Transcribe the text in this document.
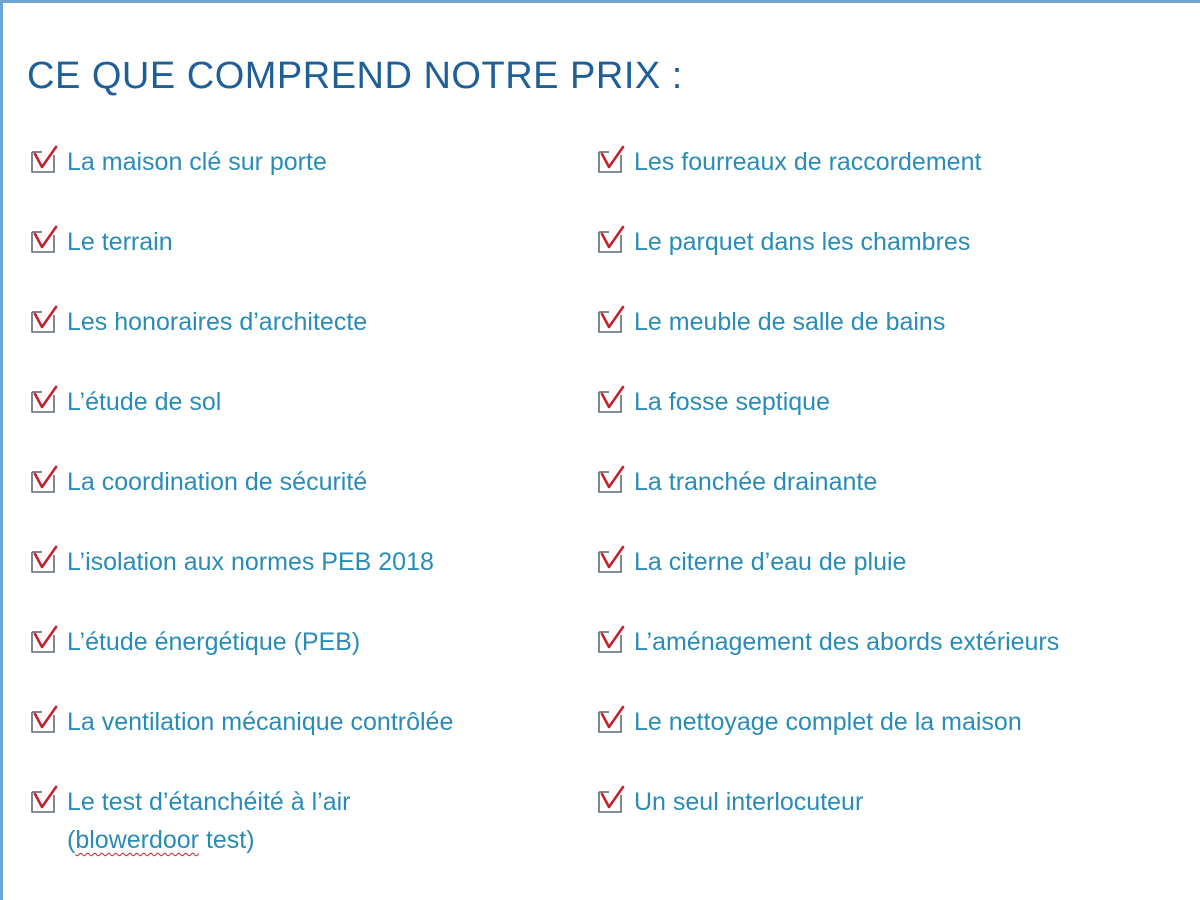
CE QUE COMPREND NOTRE PRIX :
La maison clé sur porte
Le terrain
Les honoraires d’architecte
L’étude de sol
La coordination de sécurité
L’isolation aux normes PEB 2018
L’étude énergétique (PEB)
La ventilation mécanique contrôlée
Le test d’étanchéité à l’air
(blowerdoor test)
Les fourreaux de raccordement
Le parquet dans les chambres
Le meuble de salle de bains
La fosse septique
La tranchée drainante
La citerne d’eau de pluie
L’aménagement des abords extérieurs
Le nettoyage complet de la maison
Un seul interlocuteur
